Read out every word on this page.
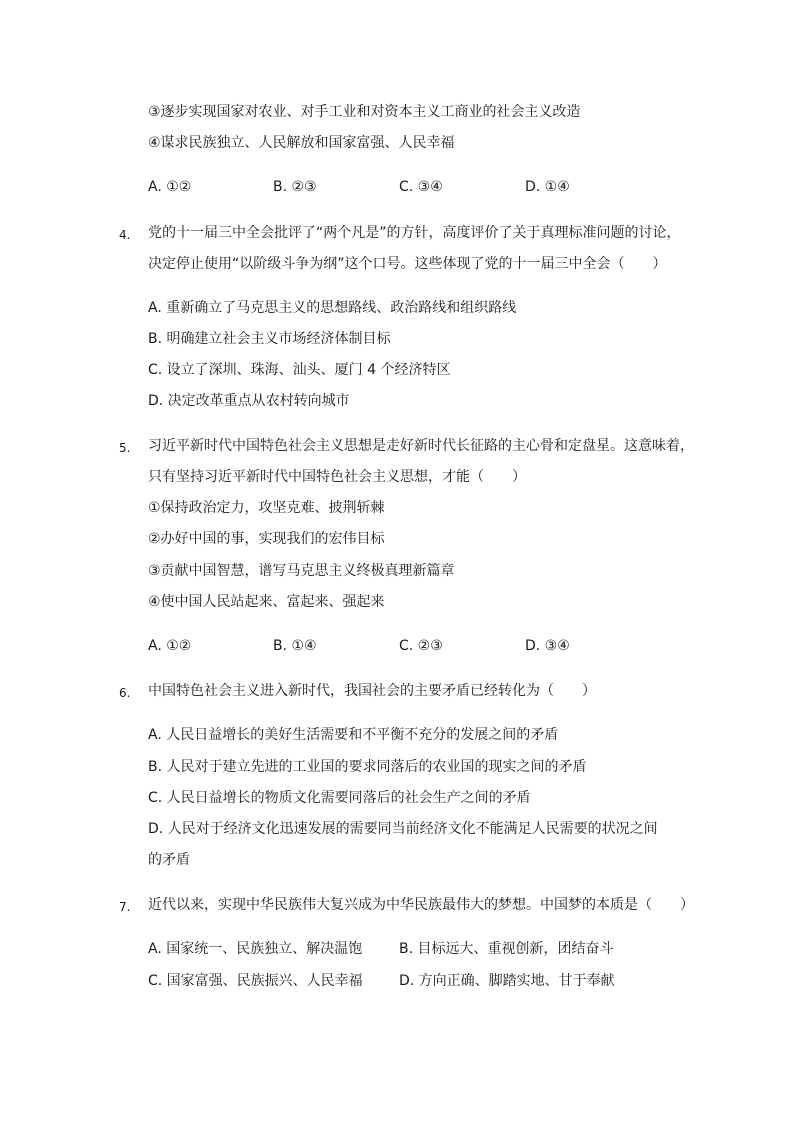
③逐步实现国家对农业、对手工业和对资本主义工商业的社会主义改造
④谋求民族独立、人民解放和国家富强、人民幸福
A. ①②	B. ②③	C. ③④	D. ①④
4. 党的十一届三中全会批评了“两个凡是”的方针，高度评价了关于真理标准问题的讨论，
决定停止使用“以阶级斗争为纲”这个口号。这些体现了党的十一届三中全会（　　）
A. 重新确立了马克思主义的思想路线、政治路线和组织路线
B. 明确建立社会主义市场经济体制目标
C. 设立了深圳、珠海、汕头、厦门 4 个经济特区
D. 决定改革重点从农村转向城市
5. 习近平新时代中国特色社会主义思想是走好新时代长征路的主心骨和定盘星。这意味着，
只有坚持习近平新时代中国特色社会主义思想，才能（　　）
①保持政治定力，攻坚克难、披荆斩棘
②办好中国的事，实现我们的宏伟目标
③贡献中国智慧，谱写马克思主义终极真理新篇章
④使中国人民站起来、富起来、强起来
A. ①②	B. ①④	C. ②③	D. ③④
6. 中国特色社会主义进入新时代，我国社会的主要矛盾已经转化为（　　）
A. 人民日益增长的美好生活需要和不平衡不充分的发展之间的矛盾
B. 人民对于建立先进的工业国的要求同落后的农业国的现实之间的矛盾
C. 人民日益增长的物质文化需要同落后的社会生产之间的矛盾
D. 人民对于经济文化迅速发展的需要同当前经济文化不能满足人民需要的状况之间
的矛盾
7. 近代以来，实现中华民族伟大复兴成为中华民族最伟大的梦想。中国梦的本质是（　　）
A. 国家统一、民族独立、解决温饱	B. 目标远大、重视创新，团结奋斗
C. 国家富强、民族振兴、人民幸福	D. 方向正确、脚踏实地、甘于奉献
